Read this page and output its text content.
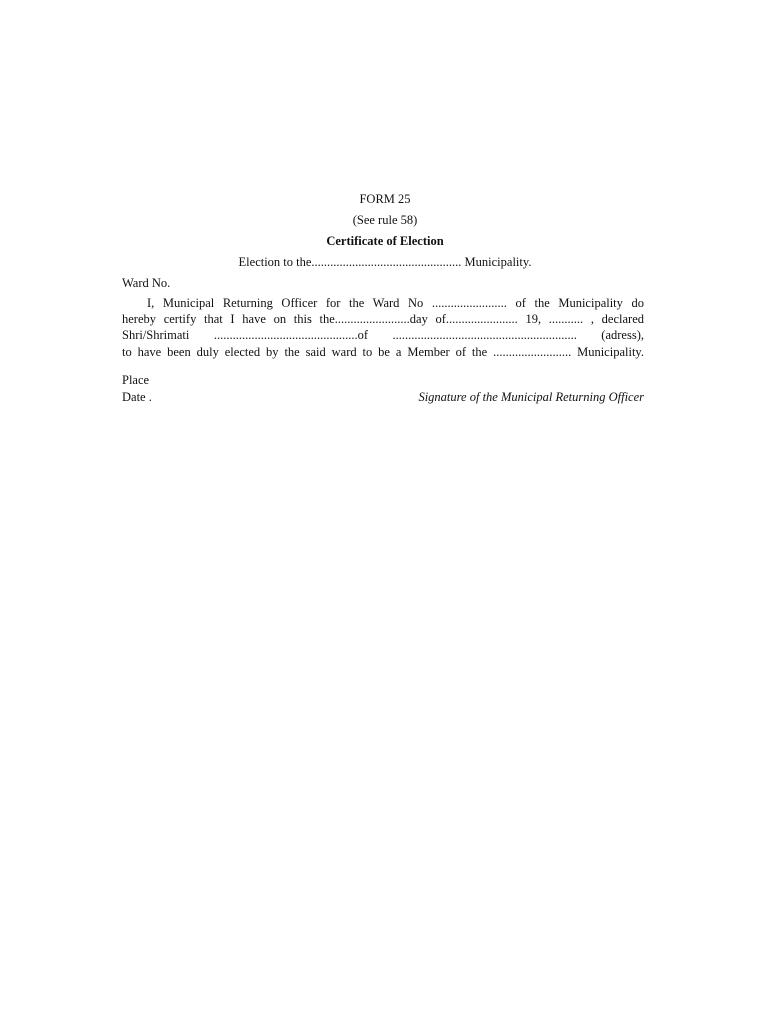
FORM 25
(See rule 58)
Certificate of Election
Election to the................................................ Municipality.
Ward No.
I, Municipal Returning Officer for the Ward No ........................ of the Municipality do
hereby certify that I have on this the........................day of....................... 19, ........... , declared
Shri/Shrimati ..............................................of ........................................................... (adress),
to have been duly elected by the said ward to be a Member of the ......................... Municipality.
Place
Date .	Signature of the Municipal Returning Officer
